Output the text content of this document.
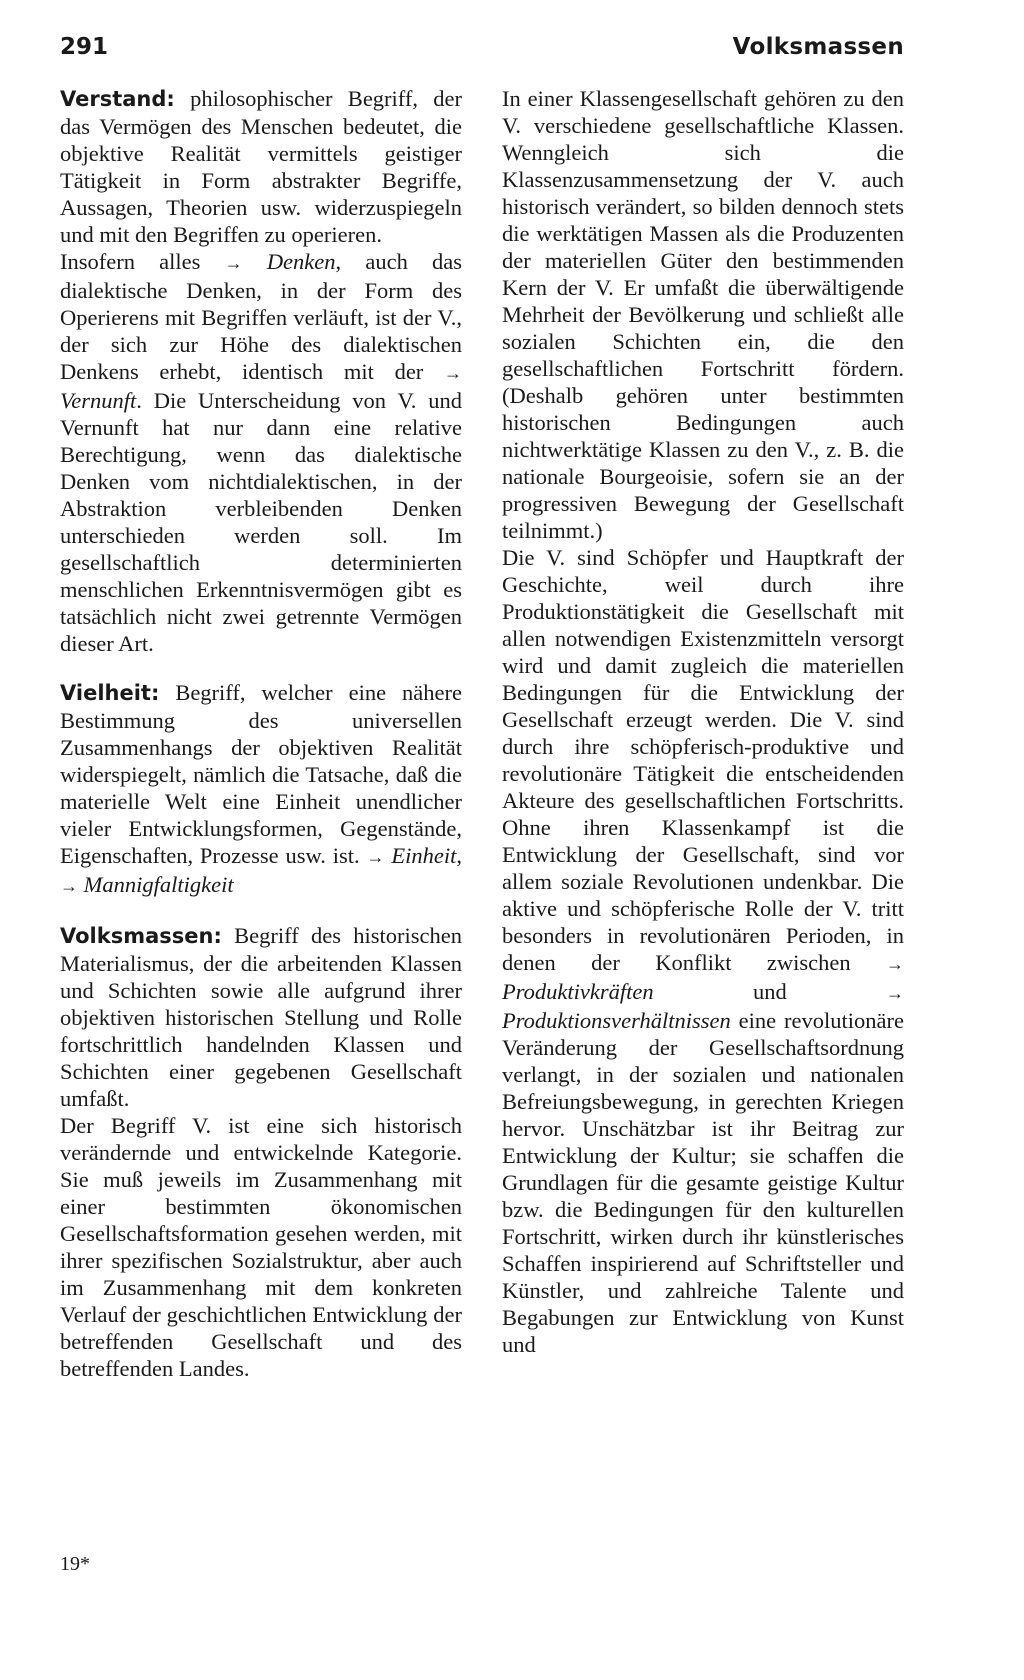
291	Volksmassen

Verstand: philosophischer Begriff, der das Vermögen des Menschen bedeutet, die objektive Realität vermittels geistiger Tätigkeit in Form abstrakter Begriffe, Aussagen, Theorien usw. widerzuspiegeln und mit den Begriffen zu operieren.
Insofern alles → Denken, auch das dialektische Denken, in der Form des Operierens mit Begriffen verläuft, ist der V., der sich zur Höhe des dialektischen Denkens erhebt, identisch mit der → Vernunft. Die Unterscheidung von V. und Vernunft hat nur dann eine relative Berechtigung, wenn das dialektische Denken vom nichtdialektischen, in der Abstraktion verbleibenden Denken unterschieden werden soll. Im gesellschaftlich determinierten menschlichen Erkenntnisvermögen gibt es tatsächlich nicht zwei getrennte Vermögen dieser Art.

Vielheit: Begriff, welcher eine nähere Bestimmung des universellen Zusammenhangs der objektiven Realität widerspiegelt, nämlich die Tatsache, daß die materielle Welt eine Einheit unendlicher vieler Entwicklungsformen, Gegenstände, Eigenschaften, Prozesse usw. ist. → Einheit, → Mannigfaltigkeit

Volksmassen: Begriff des historischen Materialismus, der die arbeitenden Klassen und Schichten sowie alle aufgrund ihrer objektiven historischen Stellung und Rolle fortschrittlich handelnden Klassen und Schichten einer gegebenen Gesellschaft umfaßt.
Der Begriff V. ist eine sich historisch verändernde und entwickelnde Kategorie. Sie muß jeweils im Zusammenhang mit einer bestimmten ökonomischen Gesellschaftsformation gesehen werden, mit ihrer spezifischen Sozialstruktur, aber auch im Zusammenhang mit dem konkreten Verlauf der geschichtlichen Entwicklung der betreffenden Gesellschaft und des betreffenden Landes.

In einer Klassengesellschaft gehören zu den V. verschiedene gesellschaftliche Klassen. Wenngleich sich die Klassenzusammensetzung der V. auch historisch verändert, so bilden dennoch stets die werktätigen Massen als die Produzenten der materiellen Güter den bestimmenden Kern der V. Er umfaßt die überwältigende Mehrheit der Bevölkerung und schließt alle sozialen Schichten ein, die den gesellschaftlichen Fortschritt fördern. (Deshalb gehören unter bestimmten historischen Bedingungen auch nichtwerktätige Klassen zu den V., z. B. die nationale Bourgeoisie, sofern sie an der progressiven Bewegung der Gesellschaft teilnimmt.)

Die V. sind Schöpfer und Hauptkraft der Geschichte, weil durch ihre Produktionstätigkeit die Gesellschaft mit allen notwendigen Existenzmitteln versorgt wird und damit zugleich die materiellen Bedingungen für die Entwicklung der Gesellschaft erzeugt werden. Die V. sind durch ihre schöpferisch-produktive und revolutionäre Tätigkeit die entscheidenden Akteure des gesellschaftlichen Fortschritts. Ohne ihren Klassenkampf ist die Entwicklung der Gesellschaft, sind vor allem soziale Revolutionen undenkbar. Die aktive und schöpferische Rolle der V. tritt besonders in revolutionären Perioden, in denen der Konflikt zwischen → Produktivkräften und → Produktionsverhältnissen eine revolutionäre Veränderung der Gesellschaftsordnung verlangt, in der sozialen und nationalen Befreiungsbewegung, in gerechten Kriegen hervor. Unschätzbar ist ihr Beitrag zur Entwicklung der Kultur; sie schaffen die Grundlagen für die gesamte geistige Kultur bzw. die Bedingungen für den kulturellen Fortschritt, wirken durch ihr künstlerisches Schaffen inspirierend auf Schriftsteller und Künstler, und zahlreiche Talente und Begabungen zur Entwicklung von Kunst und

19*
